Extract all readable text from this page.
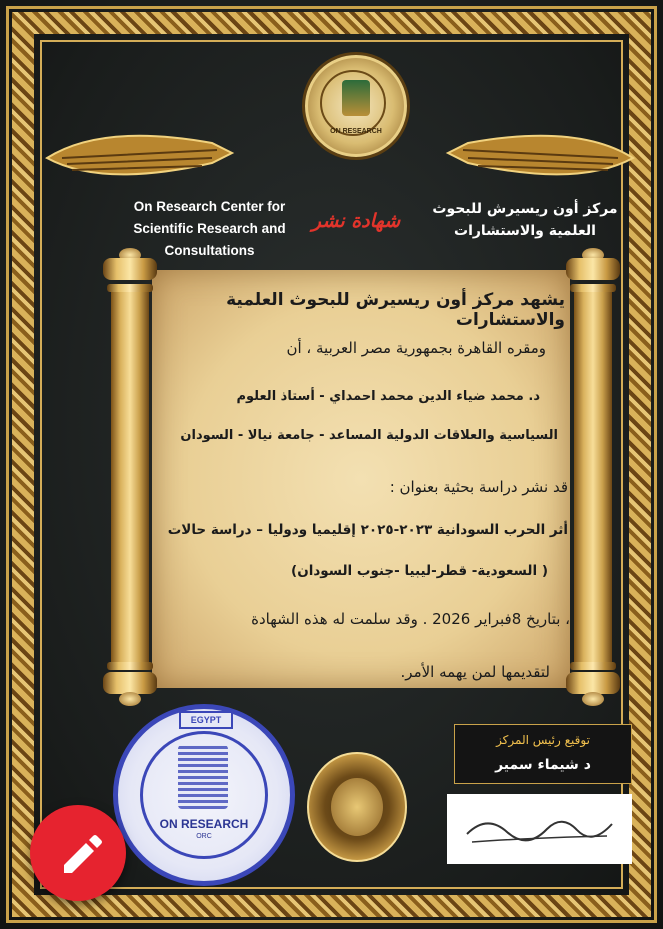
ON RESEARCH
On Research Center for Scientific Research and Consultations
مركز أون ريسيرش للبحوث العلمية والاستشارات
شهادة نشر
يشهد مركز أون ريسيرش للبحوث العلمية والاستشارات
ومقره القاهرة بجمهورية مصر العربية ، أن
د. محمد ضياء الدين محمد احمداي - أستاذ العلوم
السياسية والعلاقات الدولية المساعد - جامعة نيالا - السودان
قد نشر دراسة بحثية بعنوان :
أثر الحرب السودانية ٢٠٢٣-٢٠٢٥ إقليميا ودوليا – دراسة حالات
( السعودية- قطر-ليبيا -جنوب السودان)
، بتاريخ 8فبراير 2026 . وقد سلمت له هذه الشهادة
لتقديمها لمن يهمه الأمر.
توقيع رئيس المركز
د شيماء سمير
EGYPT
ON RESEARCH
ORC
